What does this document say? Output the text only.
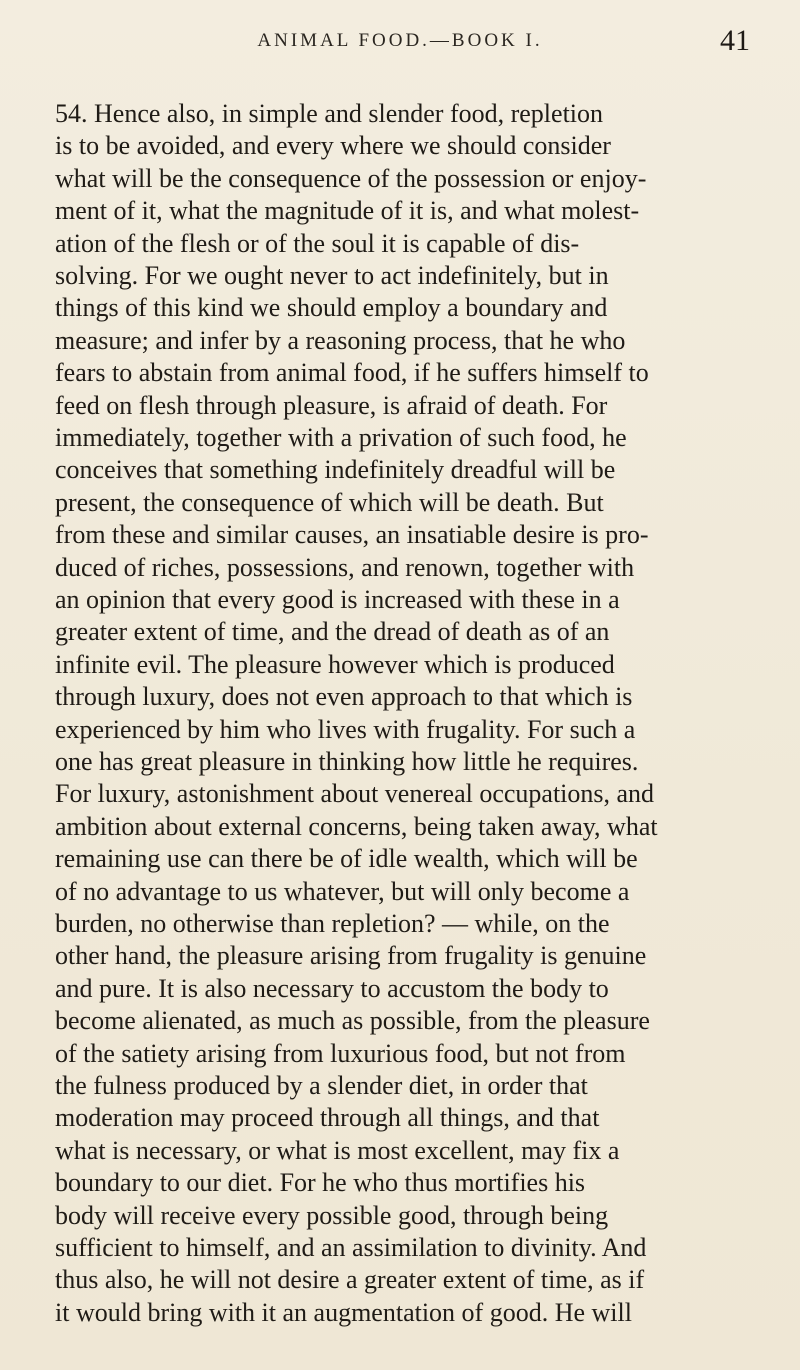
ANIMAL FOOD.—BOOK I.	41
54. Hence also, in simple and slender food, repletion
is to be avoided, and every where we should consider
what will be the consequence of the possession or enjoy-
ment of it, what the magnitude of it is, and what molest-
ation of the flesh or of the soul it is capable of dis-
solving. For we ought never to act indefinitely, but in
things of this kind we should employ a boundary and
measure; and infer by a reasoning process, that he who
fears to abstain from animal food, if he suffers himself to
feed on flesh through pleasure, is afraid of death. For
immediately, together with a privation of such food, he
conceives that something indefinitely dreadful will be
present, the consequence of which will be death. But
from these and similar causes, an insatiable desire is pro-
duced of riches, possessions, and renown, together with
an opinion that every good is increased with these in a
greater extent of time, and the dread of death as of an
infinite evil. The pleasure however which is produced
through luxury, does not even approach to that which is
experienced by him who lives with frugality. For such a
one has great pleasure in thinking how little he requires.
For luxury, astonishment about venereal occupations, and
ambition about external concerns, being taken away, what
remaining use can there be of idle wealth, which will be
of no advantage to us whatever, but will only become a
burden, no otherwise than repletion? — while, on the
other hand, the pleasure arising from frugality is genuine
and pure. It is also necessary to accustom the body to
become alienated, as much as possible, from the pleasure
of the satiety arising from luxurious food, but not from
the fulness produced by a slender diet, in order that
moderation may proceed through all things, and that
what is necessary, or what is most excellent, may fix a
boundary to our diet. For he who thus mortifies his
body will receive every possible good, through being
sufficient to himself, and an assimilation to divinity. And
thus also, he will not desire a greater extent of time, as if
it would bring with it an augmentation of good. He will
